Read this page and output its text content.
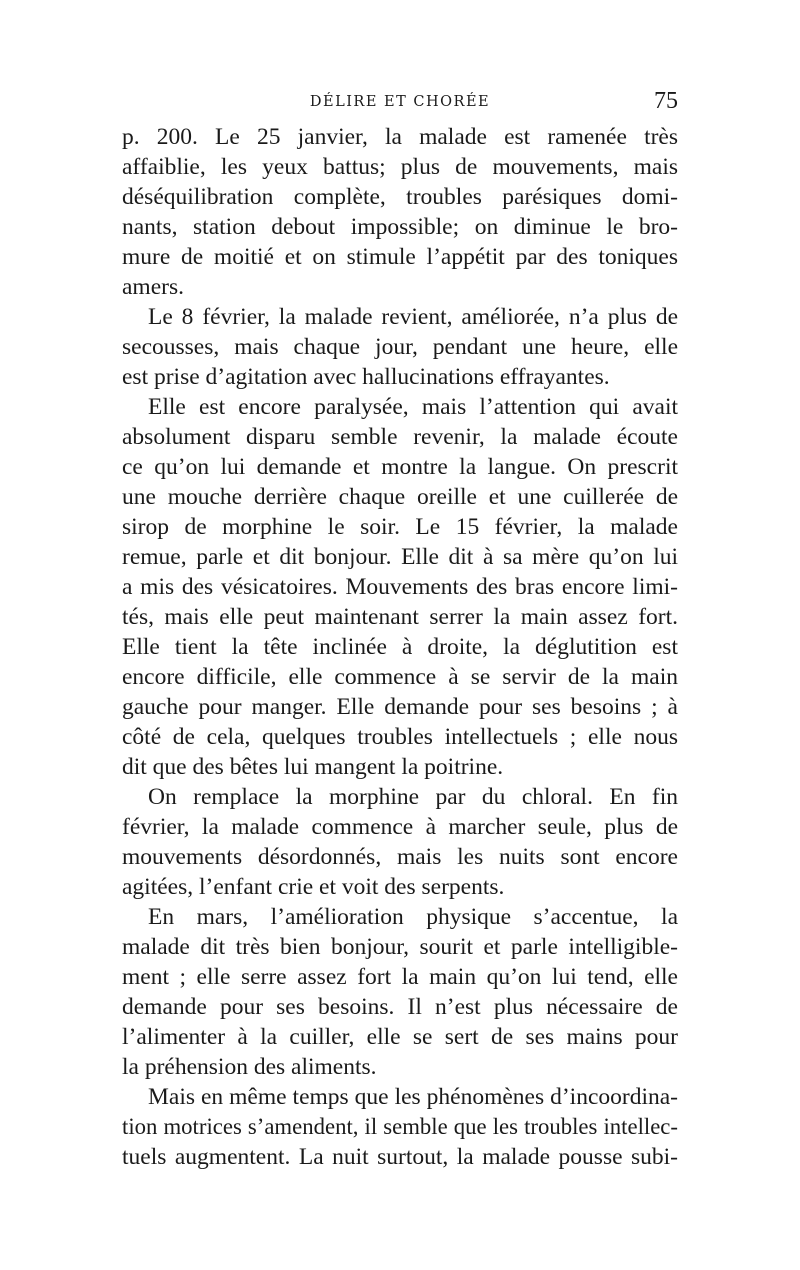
DÉLIRE ET CHORÉE	75
p. 200. Le 25 janvier, la malade est ramenée très
affaiblie, les yeux battus; plus de mouvements, mais
déséquilibration complète, troubles parésiques domi-
nants, station debout impossible; on diminue le bro-
mure de moitié et on stimule l’appétit par des toniques
amers.
Le 8 février, la malade revient, améliorée, n’a plus de
secousses, mais chaque jour, pendant une heure, elle
est prise d’agitation avec hallucinations effrayantes.
Elle est encore paralysée, mais l’attention qui avait
absolument disparu semble revenir, la malade écoute
ce qu’on lui demande et montre la langue. On prescrit
une mouche derrière chaque oreille et une cuillerée de
sirop de morphine le soir. Le 15 février, la malade
remue, parle et dit bonjour. Elle dit à sa mère qu’on lui
a mis des vésicatoires. Mouvements des bras encore limi-
tés, mais elle peut maintenant serrer la main assez fort.
Elle tient la tête inclinée à droite, la déglutition est
encore difficile, elle commence à se servir de la main
gauche pour manger. Elle demande pour ses besoins ; à
côté de cela, quelques troubles intellectuels ; elle nous
dit que des bêtes lui mangent la poitrine.
On remplace la morphine par du chloral. En fin
février, la malade commence à marcher seule, plus de
mouvements désordonnés, mais les nuits sont encore
agitées, l’enfant crie et voit des serpents.
En mars, l’amélioration physique s’accentue, la
malade dit très bien bonjour, sourit et parle intelligible-
ment ; elle serre assez fort la main qu’on lui tend, elle
demande pour ses besoins. Il n’est plus nécessaire de
l’alimenter à la cuiller, elle se sert de ses mains pour
la préhension des aliments.
Mais en même temps que les phénomènes d’incoordina-
tion motrices s’amendent, il semble que les troubles intellec-
tuels augmentent. La nuit surtout, la malade pousse subi-
